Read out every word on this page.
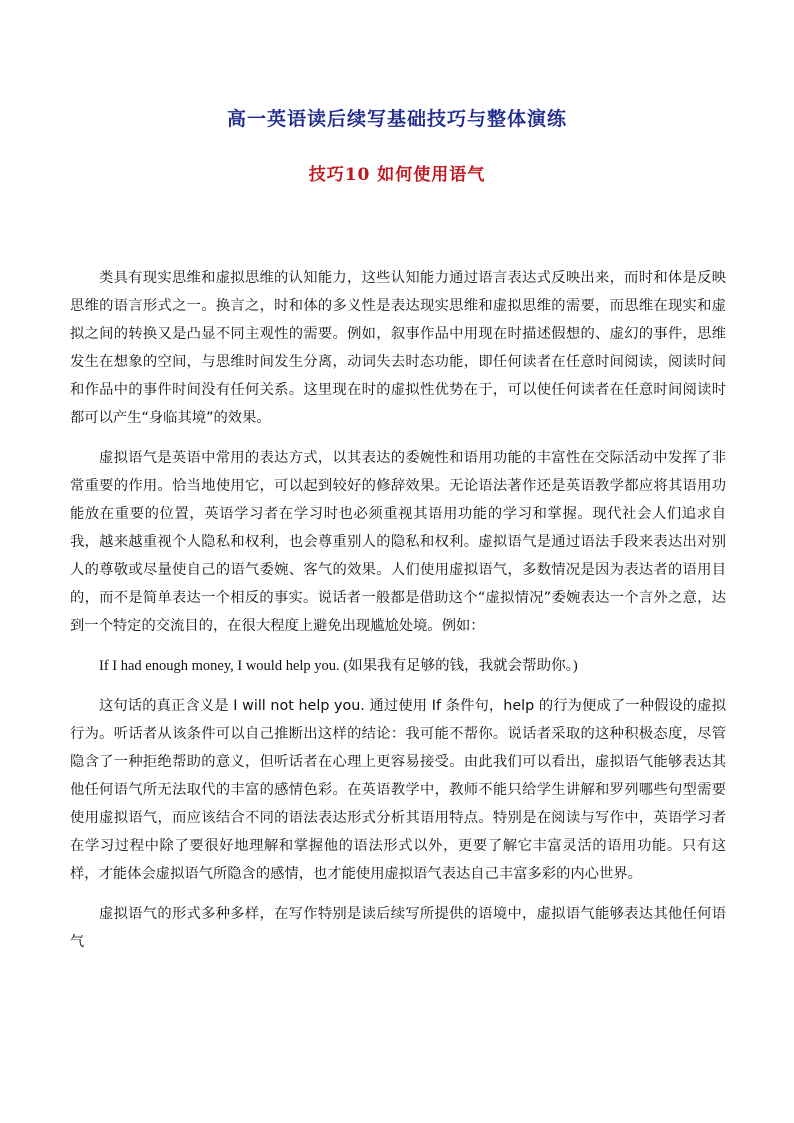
高一英语读后续写基础技巧与整体演练
技巧10 如何使用语气

类具有现实思维和虚拟思维的认知能力，这些认知能力通过语言表达式反映出来，而时和体是反映思维的语言形式之一。换言之，时和体的多义性是表达现实思维和虚拟思维的需要，而思维在现实和虚拟之间的转换又是凸显不同主观性的需要。例如，叙事作品中用现在时描述假想的、虚幻的事件，思维发生在想象的空间，与思维时间发生分离，动词失去时态功能，即任何读者在任意时间阅读，阅读时间和作品中的事件时间没有任何关系。这里现在时的虚拟性优势在于，可以使任何读者在任意时间阅读时都可以产生“身临其境”的效果。

虚拟语气是英语中常用的表达方式，以其表达的委婉性和语用功能的丰富性在交际活动中发挥了非常重要的作用。恰当地使用它，可以起到较好的修辞效果。无论语法著作还是英语教学都应将其语用功能放在重要的位置，英语学习者在学习时也必须重视其语用功能的学习和掌握。现代社会人们追求自我，越来越重视个人隐私和权利，也会尊重别人的隐私和权利。虚拟语气是通过语法手段来表达出对别人的尊敬或尽量使自己的语气委婉、客气的效果。人们使用虚拟语气，多数情况是因为表达者的语用目的，而不是简单表达一个相反的事实。说话者一般都是借助这个“虚拟情况”委婉表达一个言外之意，达到一个特定的交流目的，在很大程度上避免出现尴尬处境。例如：

If I had enough money, I would help you. (如果我有足够的钱，我就会帮助你。)

这句话的真正含义是 I will not help you. 通过使用 If 条件句，help 的行为便成了一种假设的虚拟行为。听话者从该条件可以自己推断出这样的结论：我可能不帮你。说话者采取的这种积极态度，尽管隐含了一种拒绝帮助的意义，但听话者在心理上更容易接受。由此我们可以看出，虚拟语气能够表达其他任何语气所无法取代的丰富的感情色彩。在英语教学中，教师不能只给学生讲解和罗列哪些句型需要使用虚拟语气，而应该结合不同的语法表达形式分析其语用特点。特别是在阅读与写作中，英语学习者在学习过程中除了要很好地理解和掌握他的语法形式以外，更要了解它丰富灵活的语用功能。只有这样，才能体会虚拟语气所隐含的感情，也才能使用虚拟语气表达自己丰富多彩的内心世界。

虚拟语气的形式多种多样，在写作特别是读后续写所提供的语境中，虚拟语气能够表达其他任何语气
